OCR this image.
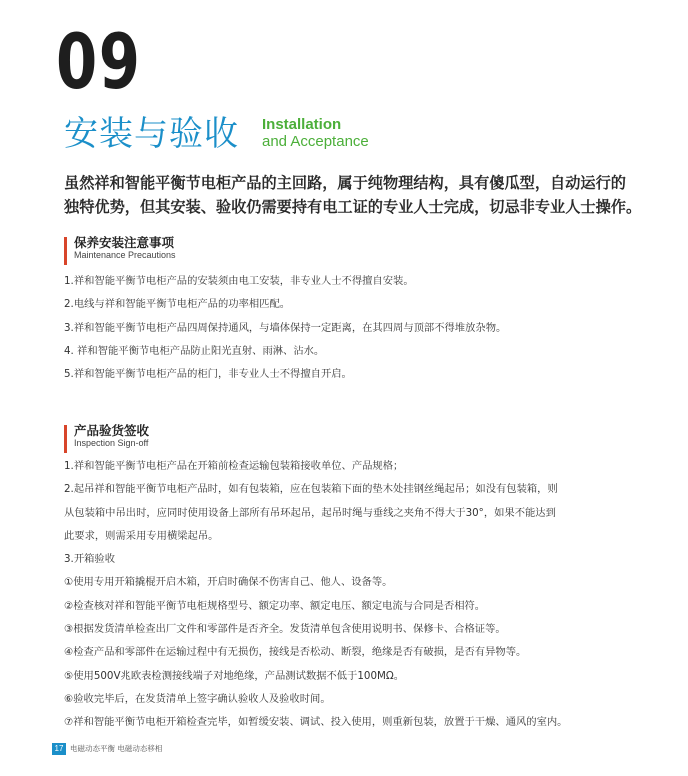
09
安装与验收 Installation
and Acceptance
虽然祥和智能平衡节电柜产品的主回路，属于纯物理结构，具有傻瓜型，自动运行的
独特优势，但其安装、验收仍需要持有电工证的专业人士完成，切忌非专业人士操作。
保养安装注意事项
Maintenance Precautions
1.祥和智能平衡节电柜产品的安装须由电工安装，非专业人士不得擅自安装。
2.电线与祥和智能平衡节电柜产品的功率相匹配。
3.祥和智能平衡节电柜产品四周保持通风，与墙体保持一定距离，在其四周与顶部不得堆放杂物。
4. 祥和智能平衡节电柜产品防止阳光直射、雨淋、沾水。
5.祥和智能平衡节电柜产品的柜门，非专业人士不得擅自开启。
产品验货签收
Inspection Sign-off
1.祥和智能平衡节电柜产品在开箱前检查运输包装箱接收单位、产品规格；
2.起吊祥和智能平衡节电柜产品时，如有包装箱，应在包装箱下面的垫木处挂钢丝绳起吊；如没有包装箱，则
从包装箱中吊出时，应同时使用设备上部所有吊环起吊，起吊时绳与垂线之夹角不得大于30°，如果不能达到
此要求，则需采用专用横梁起吊。
3.开箱验收
①使用专用开箱撬棍开启木箱，开启时确保不伤害自己、他人、设备等。
②检查核对祥和智能平衡节电柜规格型号、额定功率、额定电压、额定电流与合同是否相符。
③根据发货清单检查出厂文件和零部件是否齐全。发货清单包含使用说明书、保修卡、合格证等。
④检查产品和零部件在运输过程中有无损伤，接线是否松动、断裂，绝缘是否有破损，是否有异物等。
⑤使用500V兆欧表检测接线端子对地绝缘，产品测试数据不低于100MΩ。
⑥验收完毕后，在发货清单上签字确认验收人及验收时间。
⑦祥和智能平衡节电柜开箱检查完毕，如暂缓安装、调试、投入使用，则重新包装，放置于干燥、通风的室内。
17 电磁动态平衡 电磁动态移相
